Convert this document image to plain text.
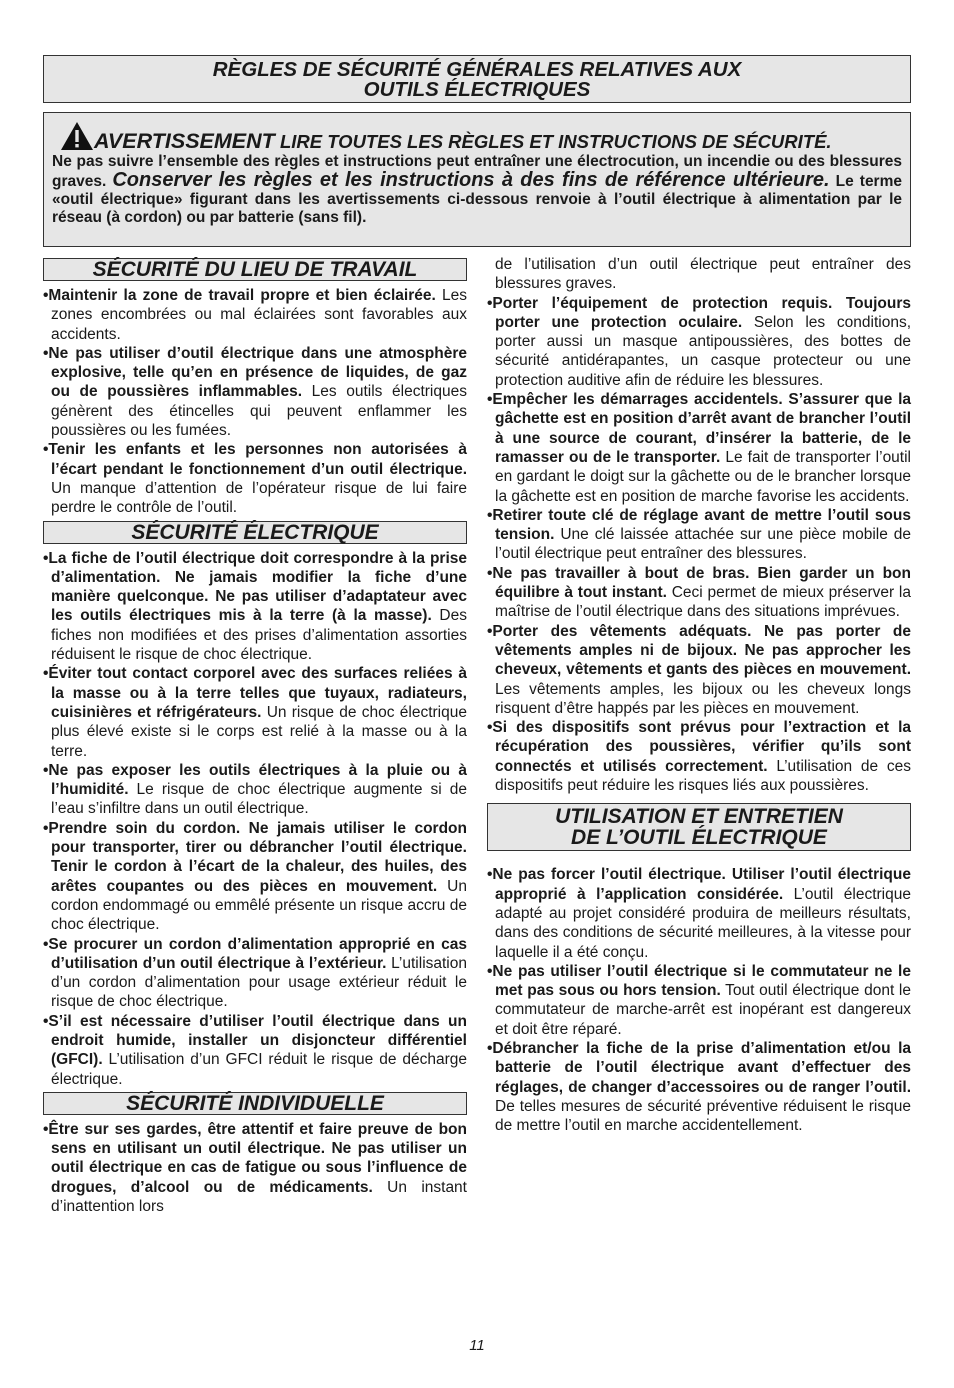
RÈGLES DE SÉCURITÉ GÉNÉRALES RELATIVES AUX
OUTILS ÉLECTRIQUES
AVERTISSEMENT LIRE TOUTES LES RÈGLES ET INSTRUCTIONS DE SÉCURITÉ.
Ne pas suivre l’ensemble des règles et instructions peut entraîner une électrocution, un incendie ou des blessures graves. Conserver les règles et les instructions à des fins de référence ultérieure. Le terme «outil électrique» figurant dans les avertissements ci-dessous renvoie à l’outil électrique à alimentation par le réseau (à cordon) ou par batterie (sans fil).
SÉCURITÉ DU LIEU DE TRAVAIL

•Maintenir la zone de travail propre et bien éclairée. Les zones encombrées ou mal éclairées sont favorables aux accidents.

•Ne pas utiliser d’outil électrique dans une atmosphère explosive, telle qu’en en présence de liquides, de gaz ou de poussières inflammables. Les outils électriques génèrent des étincelles qui peuvent enflammer les poussières ou les fumées.

•Tenir les enfants et les personnes non autorisées à l’écart pendant le fonctionnement d’un outil électrique. Un manque d’attention de l’opérateur risque de lui faire perdre le contrôle de l’outil.

SÉCURITÉ ÉLECTRIQUE

•La fiche de l’outil électrique doit correspondre à la prise d’alimentation. Ne jamais modifier la fiche d’une manière quelconque. Ne pas utiliser d’adaptateur avec les outils électriques mis à la terre (à la masse). Des fiches non modifiées et des prises d’alimentation assorties réduisent le risque de choc électrique.

•Éviter tout contact corporel avec des surfaces reliées à la masse ou à la terre telles que tuyaux, radiateurs, cuisinières et réfrigérateurs. Un risque de choc électrique plus élevé existe si le corps est relié à la masse ou à la terre.

•Ne pas exposer les outils électriques à la pluie ou à l’humidité. Le risque de choc électrique augmente si de l’eau s’infiltre dans un outil électrique.

•Prendre soin du cordon. Ne jamais utiliser le cordon pour transporter, tirer ou débrancher l’outil électrique. Tenir le cordon à l’écart de la chaleur, des huiles, des arêtes coupantes ou des pièces en mouvement. Un cordon endommagé ou emmêlé présente un risque accru de choc électrique.

•Se procurer un cordon d’alimentation approprié en cas d’utilisation d’un outil électrique à l’extérieur. L’utilisation d’un cordon d’alimentation pour usage extérieur réduit le risque de choc électrique.

•S’il est nécessaire d’utiliser l’outil électrique dans un endroit humide, installer un disjoncteur différentiel (GFCI). L’utilisation d’un GFCI réduit le risque de décharge électrique.

SÉCURITÉ INDIVIDUELLE

•Être sur ses gardes, être attentif et faire preuve de bon sens en utilisant un outil électrique. Ne pas utiliser un outil électrique en cas de fatigue ou sous l’influence de drogues, d’alcool ou de médicaments. Un instant d’inattention lors

de l’utilisation d’un outil électrique peut entraîner des blessures graves.

•Porter l’équipement de protection requis. Toujours porter une protection oculaire. Selon les conditions, porter aussi un masque antipoussières, des bottes de sécurité antidérapantes, un casque protecteur ou une protection auditive afin de réduire les blessures.

•Empêcher les démarrages accidentels. S’assurer que la gâchette est en position d’arrêt avant de brancher l’outil à une source de courant, d’insérer la batterie, de le ramasser ou de le transporter. Le fait de transporter l’outil en gardant le doigt sur la gâchette ou de le brancher lorsque la gâchette est en position de marche favorise les accidents.

•Retirer toute clé de réglage avant de mettre l’outil sous tension. Une clé laissée attachée sur une pièce mobile de l’outil électrique peut entraîner des blessures.

•Ne pas travailler à bout de bras. Bien garder un bon équilibre à tout instant. Ceci permet de mieux préserver la maîtrise de l’outil électrique dans des situations imprévues.

•Porter des vêtements adéquats. Ne pas porter de vêtements amples ni de bijoux. Ne pas approcher les cheveux, vêtements et gants des pièces en mouvement. Les vêtements amples, les bijoux ou les cheveux longs risquent d’être happés par les pièces en mouvement.

•Si des dispositifs sont prévus pour l’extraction et la récupération des poussières, vérifier qu’ils sont connectés et utilisés correctement. L’utilisation de ces dispositifs peut réduire les risques liés aux poussières.

UTILISATION ET ENTRETIEN
DE L’OUTIL ÉLECTRIQUE

•Ne pas forcer l’outil électrique. Utiliser l’outil électrique approprié à l’application considérée. L’outil électrique adapté au projet considéré produira de meilleurs résultats, dans des conditions de sécurité meilleures, à la vitesse pour laquelle il a été conçu.

•Ne pas utiliser l’outil électrique si le commutateur ne le met pas sous ou hors tension. Tout outil électrique dont le commutateur de marche-arrêt est inopérant est dangereux et doit être réparé.

•Débrancher la fiche de la prise d’alimentation et/ou la batterie de l’outil électrique avant d’effectuer des réglages, de changer d’accessoires ou de ranger l’outil. De telles mesures de sécurité préventive réduisent le risque de mettre l’outil en marche accidentellement.

11
